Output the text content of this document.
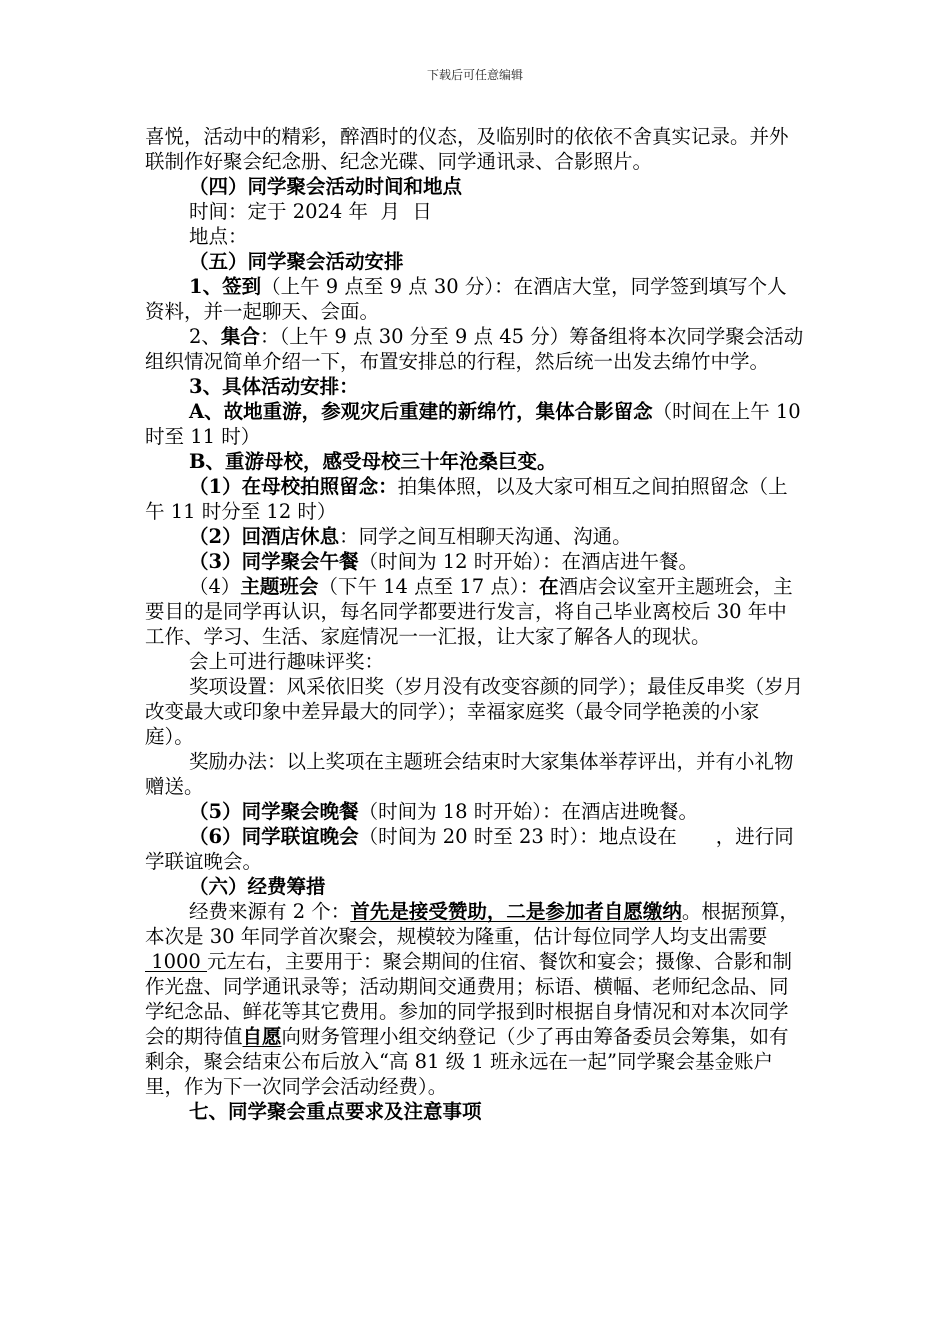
下载后可任意编辑

喜悦，活动中的精彩，醉酒时的仪态，及临别时的依依不舍真实记录。并外联制作好聚会纪念册、纪念光碟、同学通讯录、合影照片。

（四）同学聚会活动时间和地点

时间：定于 2024 年  月  日

地点：

（五）同学聚会活动安排

1、签到（上午 9 点至 9 点 30 分）：在酒店大堂，同学签到填写个人资料，并一起聊天、会面。

2、集合：（上午 9 点 30 分至 9 点 45 分）筹备组将本次同学聚会活动组织情况简单介绍一下，布置安排总的行程，然后统一出发去绵竹中学。

3、具体活动安排：

A、故地重游，参观灾后重建的新绵竹，集体合影留念（时间在上午 10 时至 11 时）

B、重游母校，感受母校三十年沧桑巨变。

（1）在母校拍照留念：拍集体照，以及大家可相互之间拍照留念（上午 11 时分至 12 时）

（2）回酒店休息：同学之间互相聊天沟通、沟通。

（3）同学聚会午餐（时间为 12 时开始）：在酒店进午餐。

（4）主题班会（下午 14 点至 17 点）：在酒店会议室开主题班会，主要目的是同学再认识，每名同学都要进行发言，将自己毕业离校后 30 年中工作、学习、生活、家庭情况一一汇报，让大家了解各人的现状。

会上可进行趣味评奖：

奖项设置：风采依旧奖（岁月没有改变容颜的同学）；最佳反串奖（岁月改变最大或印象中差异最大的同学）；幸福家庭奖（最令同学艳羡的小家庭）。

奖励办法：以上奖项在主题班会结束时大家集体举荐评出，并有小礼物赠送。

（5）同学聚会晚餐（时间为 18 时开始）：在酒店进晚餐。

（6）同学联谊晚会（时间为 20 时至 23 时）：地点设在　　，进行同学联谊晚会。

（六）经费筹措

经费来源有 2 个：首先是接受赞助，二是参加者自愿缴纳。根据预算，本次是 30 年同学首次聚会，规模较为隆重，估计每位同学人均支出需要 1000 元左右，主要用于：聚会期间的住宿、餐饮和宴会；摄像、合影和制作光盘、同学通讯录等；活动期间交通费用；标语、横幅、老师纪念品、同学纪念品、鲜花等其它费用。参加的同学报到时根据自身情况和对本次同学会的期待值自愿向财务管理小组交纳登记（少了再由筹备委员会筹集，如有剩余，聚会结束公布后放入“高 81 级 1 班永远在一起”同学聚会基金账户里，作为下一次同学会活动经费）。

七、同学聚会重点要求及注意事项
